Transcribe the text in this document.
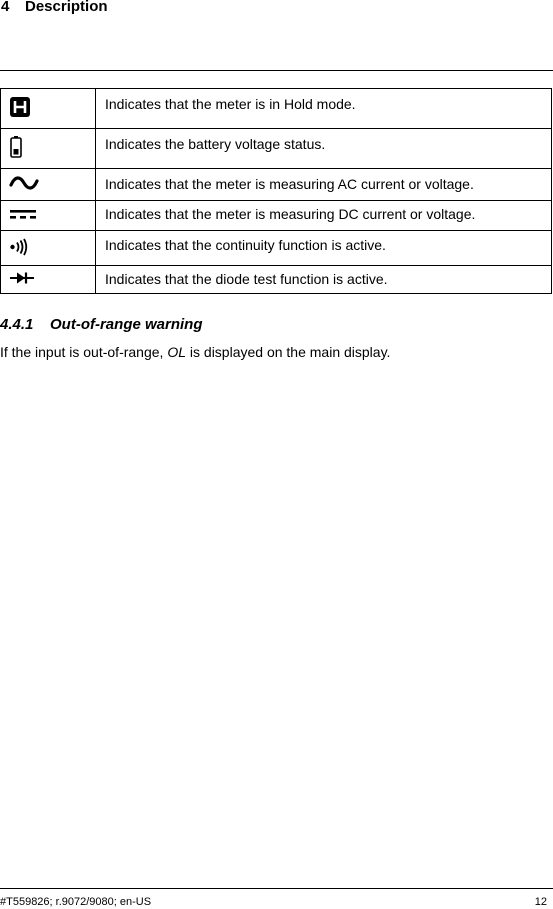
4 Description
	Indicates that the meter is in Hold mode.
	Indicates the battery voltage status.
	Indicates that the meter is measuring AC current or voltage.
	Indicates that the meter is measuring DC current or voltage.
	Indicates that the continuity function is active.
	Indicates that the diode test function is active.
4.4.1 Out-of-range warning
If the input is out-of-range, OL is displayed on the main display.
#T559826; r.9072/9080; en-US	12
